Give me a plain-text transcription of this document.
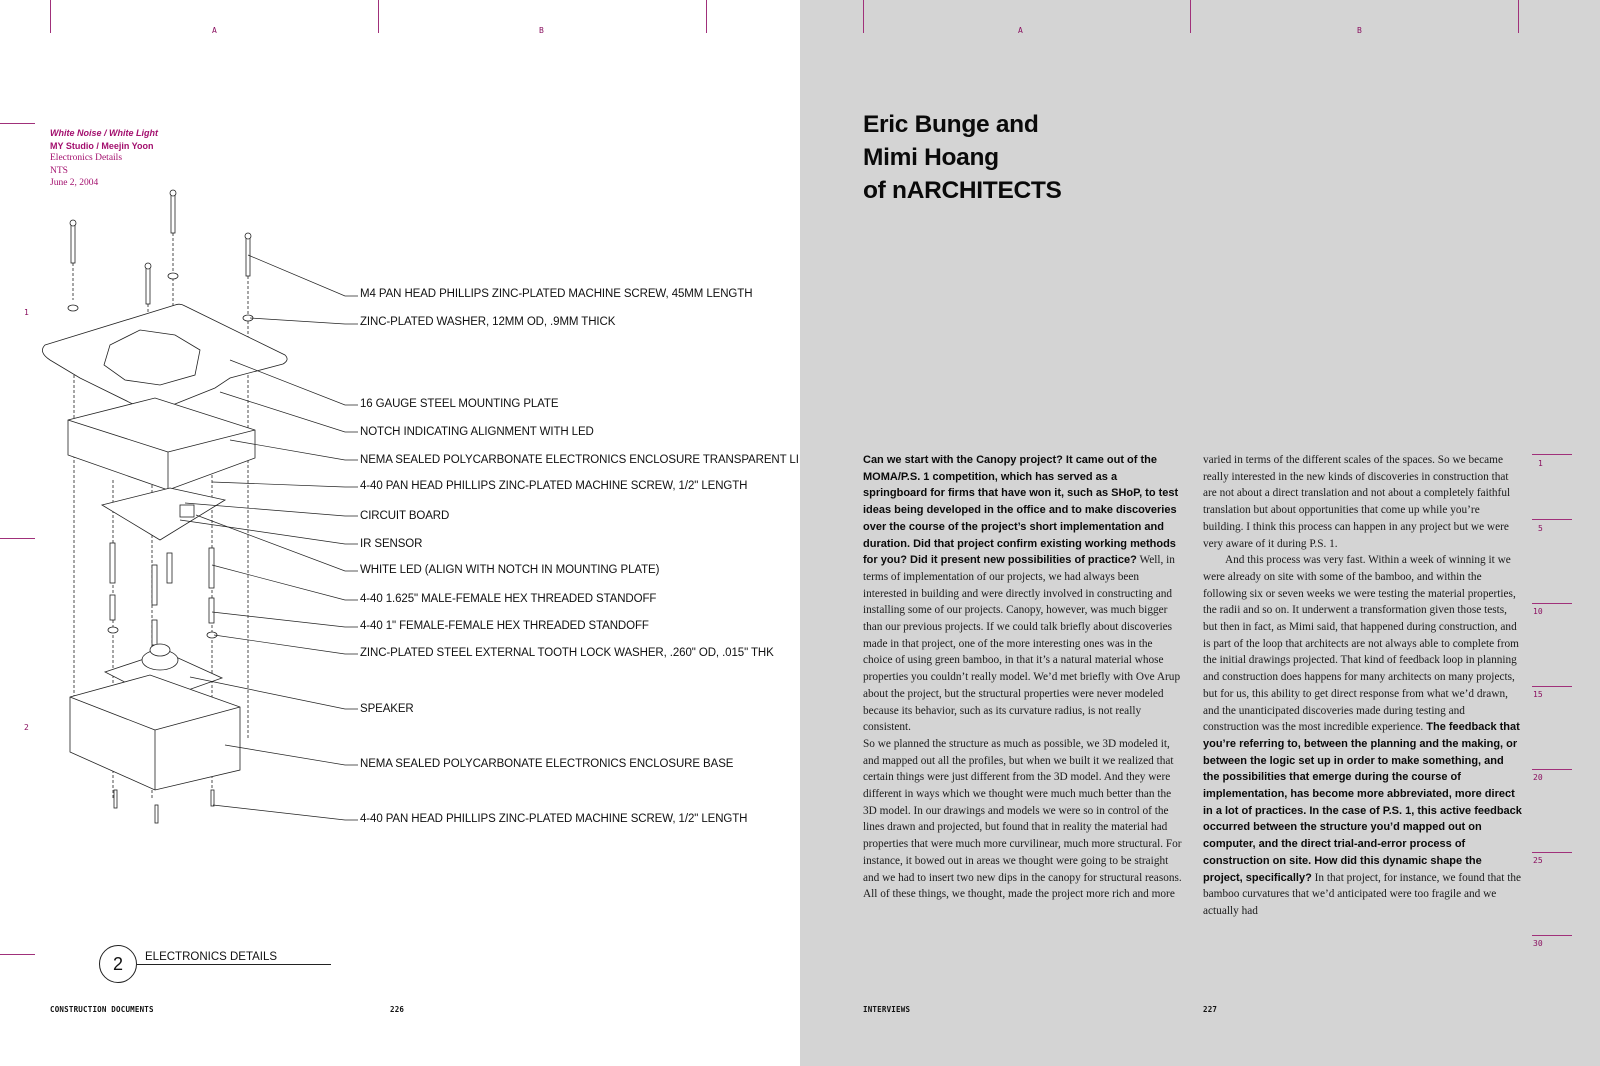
A	B
1
2
White Noise / White Light
MY Studio / Meejin Yoon
Electronics Details
NTS
June 2, 2004
M4 PAN HEAD PHILLIPS ZINC-PLATED MACHINE SCREW, 45MM LENGTH
ZINC-PLATED WASHER, 12MM OD, .9MM THICK
16 GAUGE STEEL MOUNTING PLATE
NOTCH INDICATING ALIGNMENT WITH LED
NEMA SEALED POLYCARBONATE ELECTRONICS ENCLOSURE TRANSPARENT LI
4-40 PAN HEAD PHILLIPS ZINC-PLATED MACHINE SCREW, 1/2" LENGTH
CIRCUIT BOARD
IR SENSOR
WHITE LED (ALIGN WITH NOTCH IN MOUNTING PLATE)
4-40 1.625" MALE-FEMALE HEX THREADED STANDOFF
4-40 1" FEMALE-FEMALE HEX THREADED STANDOFF
ZINC-PLATED STEEL EXTERNAL TOOTH LOCK WASHER, .260" OD, .015" THK
SPEAKER
NEMA SEALED POLYCARBONATE ELECTRONICS ENCLOSURE BASE
4-40 PAN HEAD PHILLIPS ZINC-PLATED MACHINE SCREW, 1/2" LENGTH
2	ELECTRONICS DETAILS
CONSTRUCTION DOCUMENTS	226
A	B
1
5
10
15
20
25
30
Eric Bunge and
Mimi Hoang
of nARCHITECTS
Can we start with the Canopy project? It came out of the MOMA/P.S. 1 competition, which has served as a springboard for firms that have won it, such as SHoP, to test ideas being developed in the office and to make discoveries over the course of the project’s short implementation and duration. Did that project confirm existing working methods for you? Did it present new possibilities of practice? Well, in terms of implementation of our projects, we had always been interested in building and were directly involved in constructing and installing some of our projects. Canopy, however, was much bigger than our previous projects. If we could talk briefly about discoveries made in that project, one of the more interesting ones was in the choice of using green bamboo, in that it’s a natural material whose properties you couldn’t really model. We’d met briefly with Ove Arup about the project, but the structural properties were never modeled because its behavior, such as its curvature radius, is not really consistent.
So we planned the structure as much as possible, we 3D modeled it, and mapped out all the profiles, but when we built it we realized that certain things were just different from the 3D model. And they were different in ways which we thought were much much better than the 3D model. In our drawings and models we were so in control of the lines drawn and projected, but found that in reality the material had properties that were much more curvilinear, much more structural. For instance, it bowed out in areas we thought were going to be straight and we had to insert two new dips in the canopy for structural reasons. All of these things, we thought, made the project more rich and more
varied in terms of the different scales of the spaces. So we became really interested in the new kinds of discoveries in construction that are not about a direct translation and not about a completely faithful translation but about opportunities that come up while you’re building. I think this process can happen in any project but we were very aware of it during P.S. 1.
And this process was very fast. Within a week of winning it we were already on site with some of the bamboo, and within the following six or seven weeks we were testing the material properties, the radii and so on. It underwent a transformation given those tests, but then in fact, as Mimi said, that happened during construction, and is part of the loop that architects are not always able to complete from the initial drawings projected. That kind of feedback loop in planning and construction does happens for many architects on many projects, but for us, this ability to get direct response from what we’d drawn, and the unanticipated discoveries made during testing and construction was the most incredible experience. The feedback that you’re referring to, between the planning and the making, or between the logic set up in order to make something, and the possibilities that emerge during the course of implementation, has become more abbreviated, more direct in a lot of practices. In the case of P.S. 1, this active feedback occurred between the structure you’d mapped out on computer, and the direct trial-and-error process of construction on site. How did this dynamic shape the project, specifically? In that project, for instance, we found that the bamboo curvatures that we’d anticipated were too fragile and we actually had
INTERVIEWS	227
